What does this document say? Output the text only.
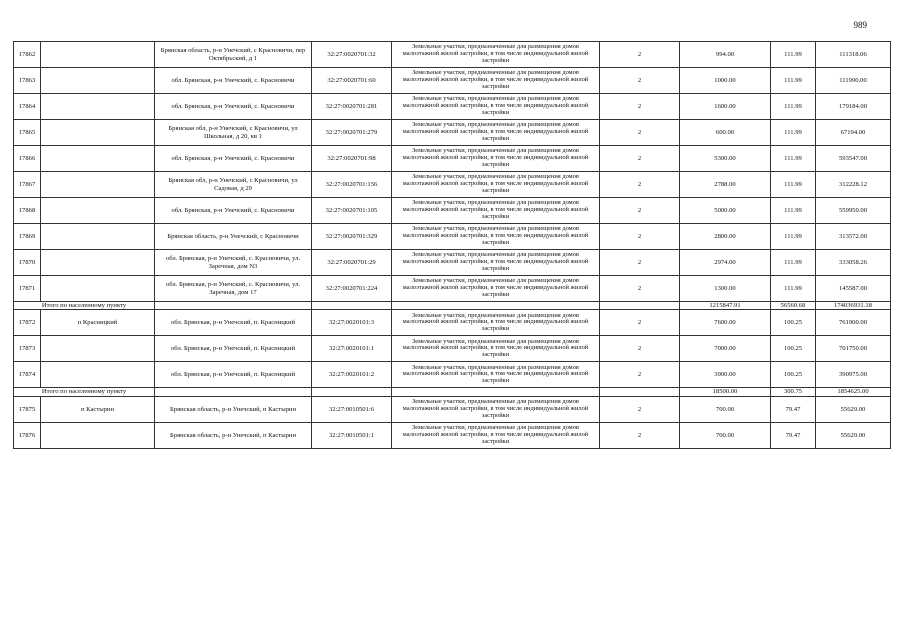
989
17862		Брянская область, р-н Унечский, с Красновичи, пер Октябрьский, д 1	32:27:0020701:32	Земельные участки, предназначенные для размещения домов малоэтажной жилой застройки, в том числе индивидуальной жилой застройки	2	994.00	111.99	111318.06
17863		обл. Брянская, р-н Унечский, с. Красновичи	32:27:0020701:60	Земельные участки, предназначенные для размещения домов малоэтажной жилой застройки, в том числе индивидуальной жилой застройки	2	1000.00	111.99	111990.00
17864		обл. Брянская, р-н Унечский, с. Красновичи	32:27:0020701:281	Земельные участки, предназначенные для размещения домов малоэтажной жилой застройки, в том числе индивидуальной жилой застройки	2	1600.00	111.99	179184.00
17865		Брянская обл, р-н Унечский, с Красновичи, ул Школьная, д 20, кв 1	32:27:0020701:279	Земельные участки, предназначенные для размещения домов малоэтажной жилой застройки, в том числе индивидуальной жилой застройки	2	600.00	111.99	67194.00
17866		обл. Брянская, р-н Унечский, с. Красновичи	32:27:0020701:98	Земельные участки, предназначенные для размещения домов малоэтажной жилой застройки, в том числе индивидуальной жилой застройки	2	5300.00	111.99	593547.00
17867		Брянская обл, р-н Унечский, с Красновичи, ул Садовая, д 29	32:27:0020701:156	Земельные участки, предназначенные для размещения домов малоэтажной жилой застройки, в том числе индивидуальной жилой застройки	2	2788.00	111.99	312228.12
17868		обл. Брянская, р-н Унечский, с. Красновичи	32:27:0020701:105	Земельные участки, предназначенные для размещения домов малоэтажной жилой застройки, в том числе индивидуальной жилой застройки	2	5000.00	111.99	559950.00
17869		Брянская область, р-н Унечский, с Красновичи	32:27:0020701:329	Земельные участки, предназначенные для размещения домов малоэтажной жилой застройки, в том числе индивидуальной жилой застройки	2	2800.00	111.99	313572.00
17870		обл. Брянская, р-н Унечский, с. Красновичи, ул. Заречная, дом N3	32:27:0020701:29	Земельные участки, предназначенные для размещения домов малоэтажной жилой застройки, в том числе индивидуальной жилой застройки	2	2974.00	111.99	333058.26
17871		обл. Брянская, р-н Унечский, с. Красновичи, ул. Заречная, дом 17	32:27:0020701:224	Земельные участки, предназначенные для размещения домов малоэтажной жилой застройки, в том числе индивидуальной жилой застройки	2	1300.00	111.99	145587.00
Итого по населенному пункту						1215847.91	56560.68	174036931.18
17872	п Красницкий	обл. Брянская, р-н Унечский, п. Красницкий	32:27:0020101:3	Земельные участки, предназначенные для размещения домов малоэтажной жилой застройки, в том числе индивидуальной жилой застройки	2	7600.00	100.25	761900.00
17873		обл. Брянская, р-н Унечский, п. Красницкий	32:27:0020101:1	Земельные участки, предназначенные для размещения домов малоэтажной жилой застройки, в том числе индивидуальной жилой застройки	2	7000.00	100.25	701750.00
17874		обл. Брянская, р-н Унечский, п. Красницкий	32:27:0020101:2	Земельные участки, предназначенные для размещения домов малоэтажной жилой застройки, в том числе индивидуальной жилой застройки	2	3900.00	100.25	390975.00
Итого по населенному пункту						18500.00	300.75	1854625.00
17875	п Кастырин	Брянская область, р-н Унечский, п Кастырин	32:27:0010501:6	Земельные участки, предназначенные для размещения домов малоэтажной жилой застройки, в том числе индивидуальной жилой застройки	2	700.00	79.47	55629.00
17876		Брянская область, р-н Унечский, п Кастырин	32:27:0010501:1	Земельные участки, предназначенные для размещения домов малоэтажной жилой застройки, в том числе индивидуальной жилой застройки	2	700.00	79.47	55629.00
